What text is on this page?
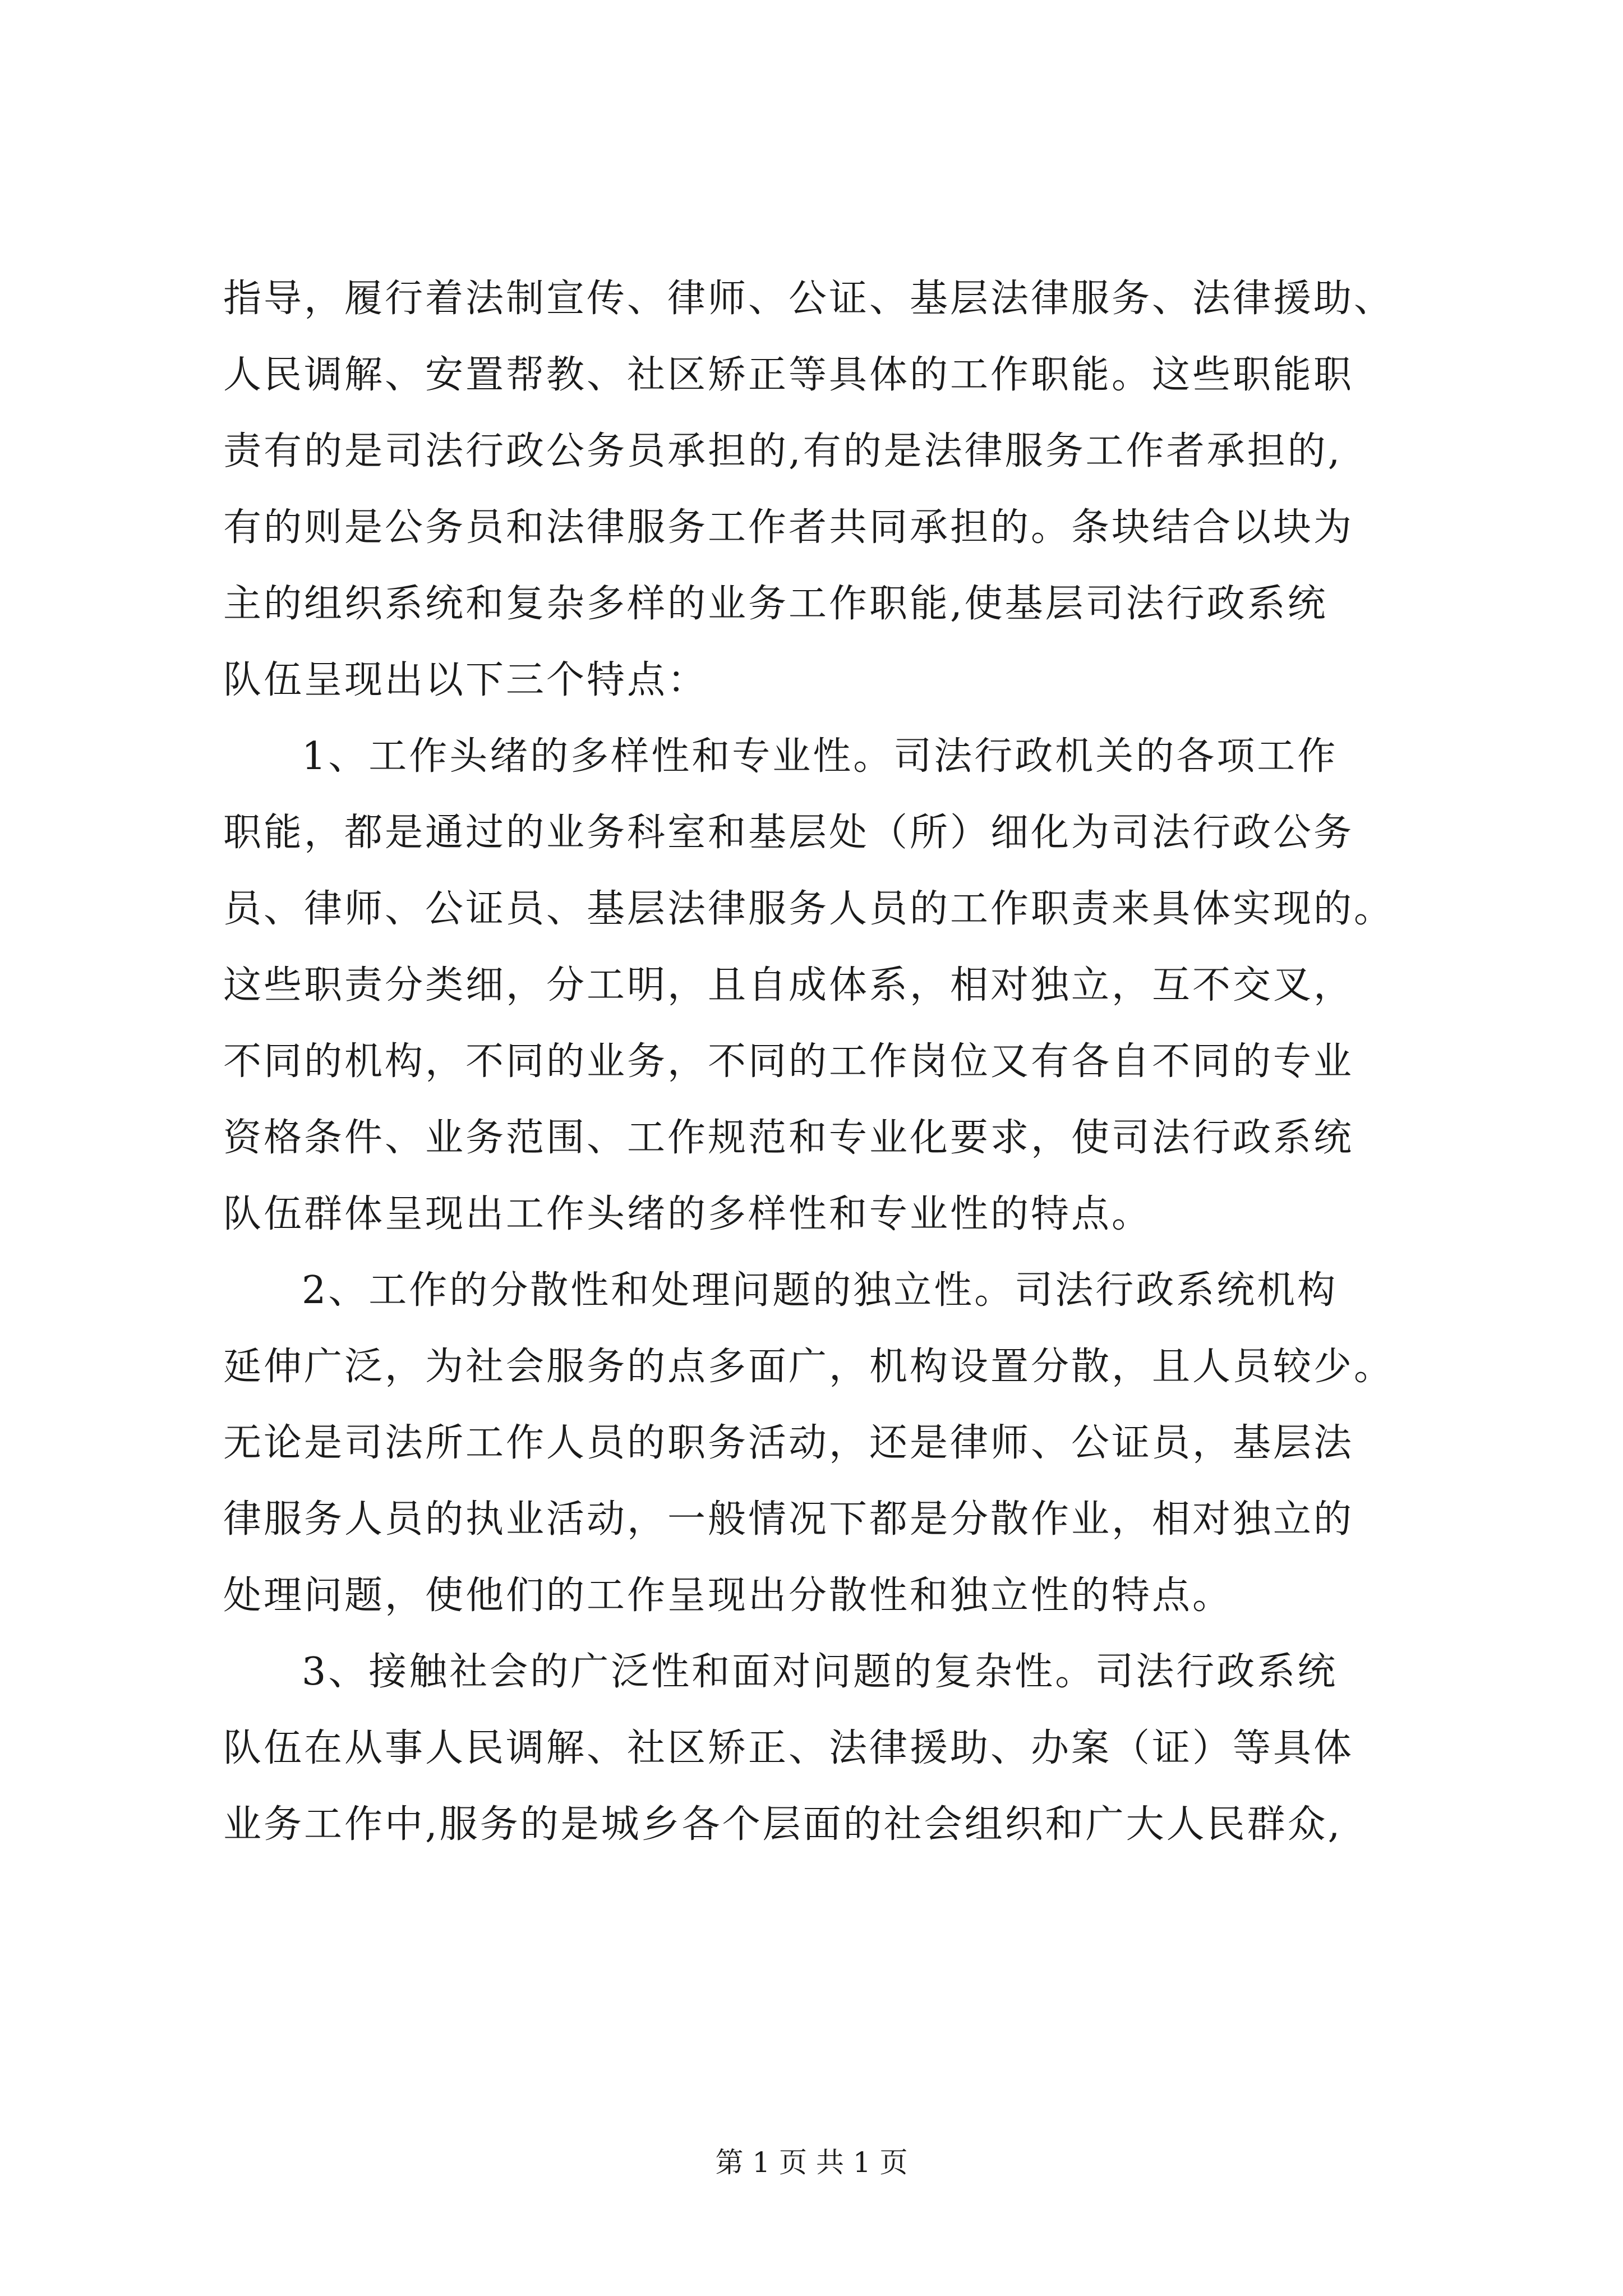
指导，履行着法制宣传、律师、公证、基层法律服务、法律援助、
人民调解、安置帮教、社区矫正等具体的工作职能。这些职能职
责有的是司法行政公务员承担的,有的是法律服务工作者承担的,
有的则是公务员和法律服务工作者共同承担的。条块结合以块为
主的组织系统和复杂多样的业务工作职能,使基层司法行政系统
队伍呈现出以下三个特点：
1、工作头绪的多样性和专业性。司法行政机关的各项工作
职能，都是通过的业务科室和基层处（所）细化为司法行政公务
员、律师、公证员、基层法律服务人员的工作职责来具体实现的。
这些职责分类细，分工明，且自成体系，相对独立，互不交叉，
不同的机构，不同的业务，不同的工作岗位又有各自不同的专业
资格条件、业务范围、工作规范和专业化要求，使司法行政系统
队伍群体呈现出工作头绪的多样性和专业性的特点。
2、工作的分散性和处理问题的独立性。司法行政系统机构
延伸广泛，为社会服务的点多面广，机构设置分散，且人员较少。
无论是司法所工作人员的职务活动，还是律师、公证员，基层法
律服务人员的执业活动，一般情况下都是分散作业，相对独立的
处理问题，使他们的工作呈现出分散性和独立性的特点。
3、接触社会的广泛性和面对问题的复杂性。司法行政系统
队伍在从事人民调解、社区矫正、法律援助、办案（证）等具体
业务工作中,服务的是城乡各个层面的社会组织和广大人民群众,
第 1 页 共 1 页
